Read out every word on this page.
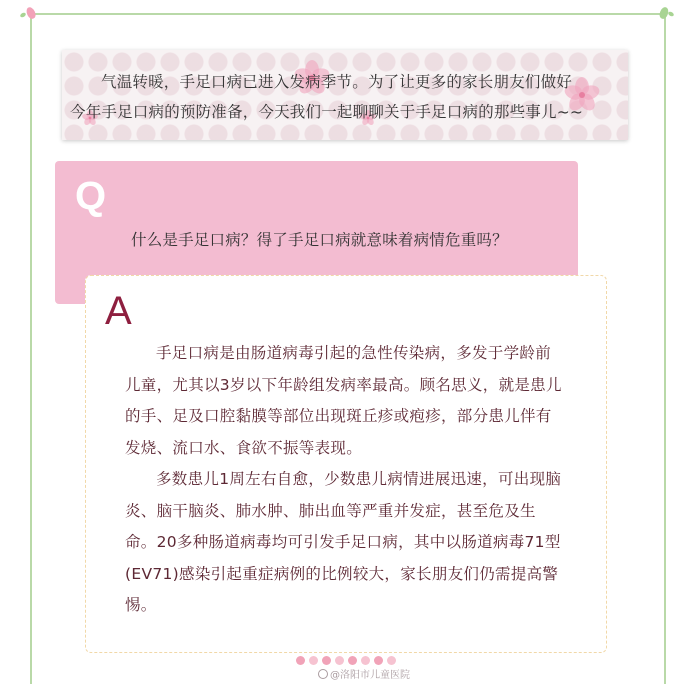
气温转暖，手足口病已进入发病季节。为了让更多的家长朋友们做好
今年手足口病的预防准备，今天我们一起聊聊关于手足口病的那些事儿~~
Q
什么是手足口病？得了手足口病就意味着病情危重吗？
A
手足口病是由肠道病毒引起的急性传染病，多发于学龄前
儿童，尤其以3岁以下年龄组发病率最高。顾名思义，就是患儿
的手、足及口腔黏膜等部位出现斑丘疹或疱疹，部分患儿伴有
发烧、流口水、食欲不振等表现。
多数患儿1周左右自愈，少数患儿病情进展迅速，可出现脑
炎、脑干脑炎、肺水肿、肺出血等严重并发症，甚至危及生
命。20多种肠道病毒均可引发手足口病，其中以肠道病毒71型
(EV71)感染引起重症病例的比例较大，家长朋友们仍需提高警
惕。
@洛阳市儿童医院
